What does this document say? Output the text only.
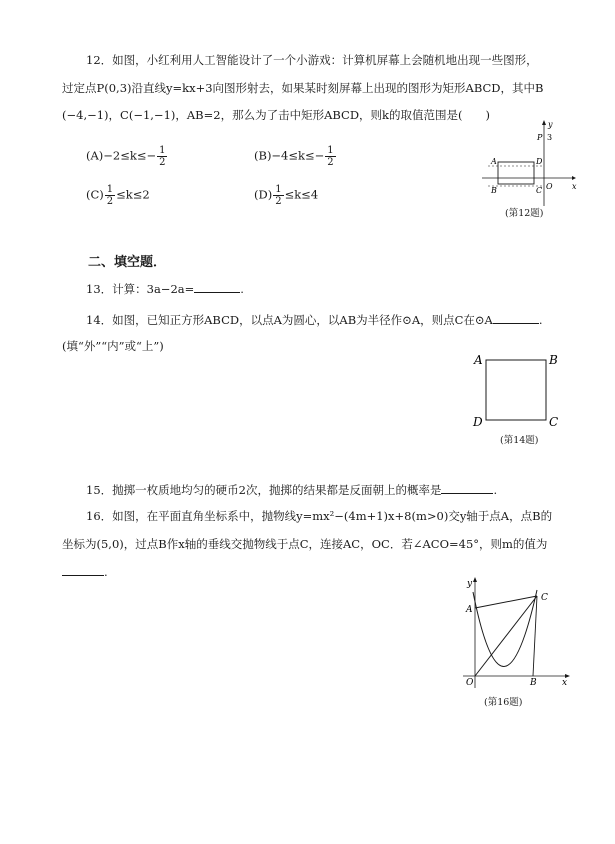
12．如图，小红利用人工智能设计了一个小游戏：计算机屏幕上会随机地出现一些图形，
过定点P(0,3)沿直线y=kx+3向图形射去，如果某时刻屏幕上出现的图形为矩形ABCD，其中B
(−4,−1)，C(−1,−1)，AB=2，那么为了击中矩形ABCD，则k的取值范围是(　　)
$(A)-2\le k\le- \frac{1}{2}$	$(B)-4\le k\le- \frac{1}{2}$
$(C) \frac{1}{2} \le k\le 2$	$(D) \frac{1}{2} \le k\le 4$
y
x
P 3
A	D
B	C O
(第12题)
二、填空题．
13．计算：3a−2a=	.
14．如图，已知正方形ABCD，以点A为圆心，以AB为半径作⊙A，则点C在⊙A	.
(填“外”“内”或“上”)
A	B
D	C
(第14题)
15．抛掷一枚质地均匀的硬币2次，抛掷的结果都是反面朝上的概率是	.
16．如图，在平面直角坐标系中，抛物线y=mx²−(4m+1)x+8(m>0)交y轴于点A，点B的
坐标为(5,0)，过点B作x轴的垂线交抛物线于点C，连接AC，OC．若∠ACO=45°，则m的值为
.
y
x
A
C
O	B
(第16题)
